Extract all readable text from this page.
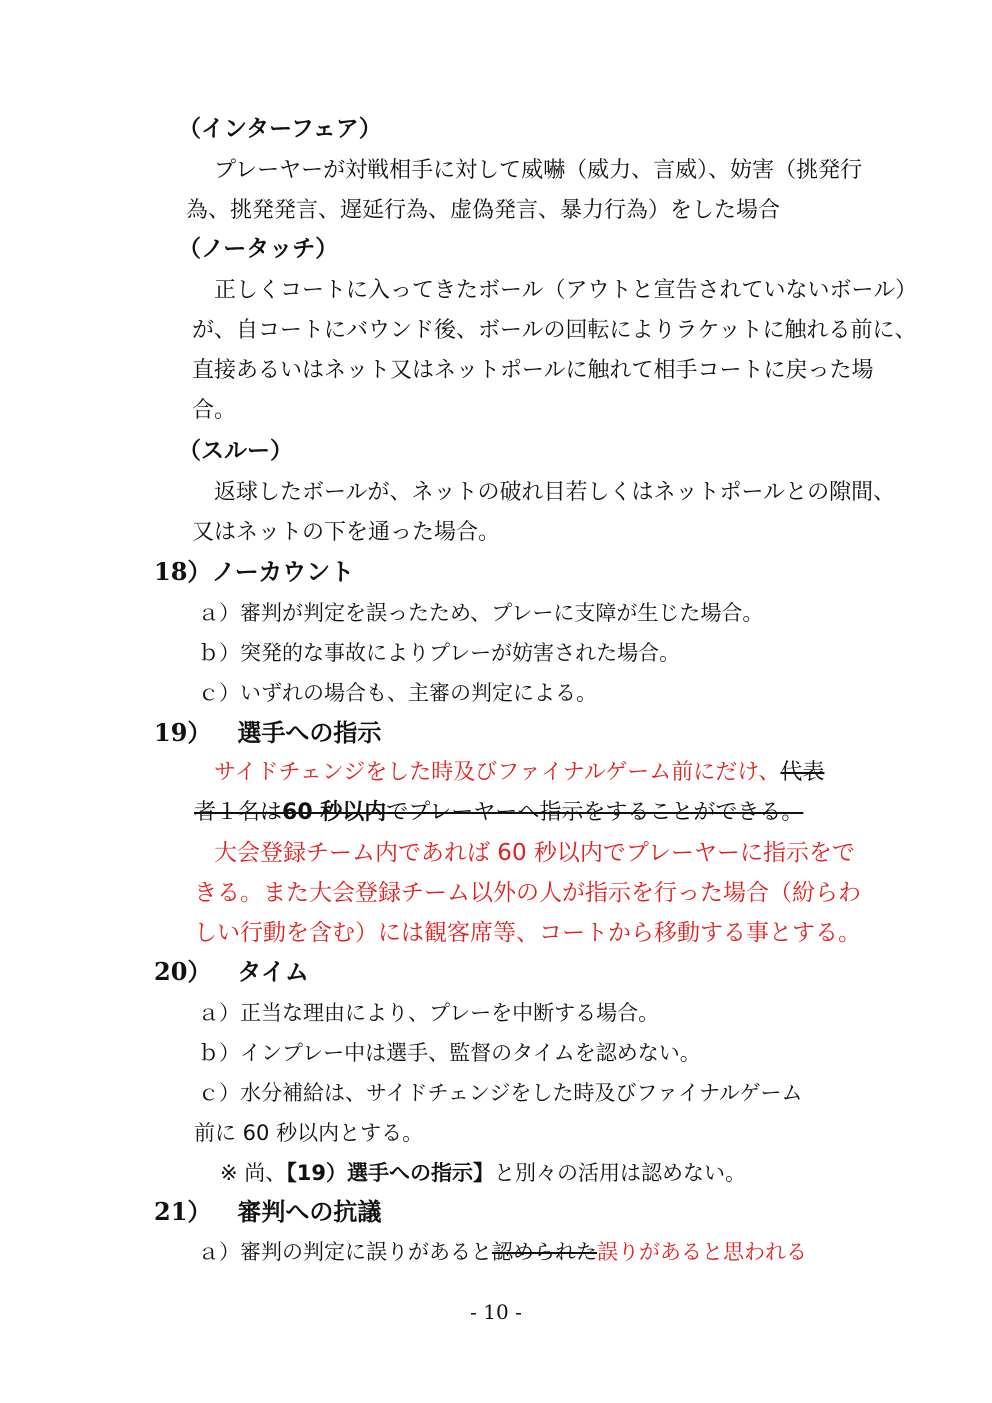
（インターフェア）
プレーヤーが対戦相手に対して威嚇（威力、言威）、妨害（挑発行
為、挑発発言、遅延行為、虚偽発言、暴力行為）をした場合
（ノータッチ）
正しくコートに入ってきたボール（アウトと宣告されていないボール）
が、自コートにバウンド後、ボールの回転によりラケットに触れる前に、
直接あるいはネット又はネットポールに触れて相手コートに戻った場
合。
（スルー）
返球したボールが、ネットの破れ目若しくはネットポールとの隙間、
又はネットの下を通った場合。
18）ノーカウント
ａ）審判が判定を誤ったため、プレーに支障が生じた場合。
ｂ）突発的な事故によりプレーが妨害された場合。
ｃ）いずれの場合も、主審の判定による。
19） 選手への指示
サイドチェンジをした時及びファイナルゲーム前にだけ、代表
者１名は60 秒以内でプレーヤーへ指示をすることができる。
大会登録チーム内であれば 60 秒以内でプレーヤーに指示をで
きる。また大会登録チーム以外の人が指示を行った場合（紛らわ
しい行動を含む）には観客席等、コートから移動する事とする。
20） タイム
ａ）正当な理由により、プレーを中断する場合。
ｂ）インプレー中は選手、監督のタイムを認めない。
ｃ）水分補給は、サイドチェンジをした時及びファイナルゲーム
前に 60 秒以内とする。
※ 尚、【19）選手への指示】と別々の活用は認めない。
21） 審判への抗議
ａ）審判の判定に誤りがあると認められた誤りがあると思われる
- 10 -
